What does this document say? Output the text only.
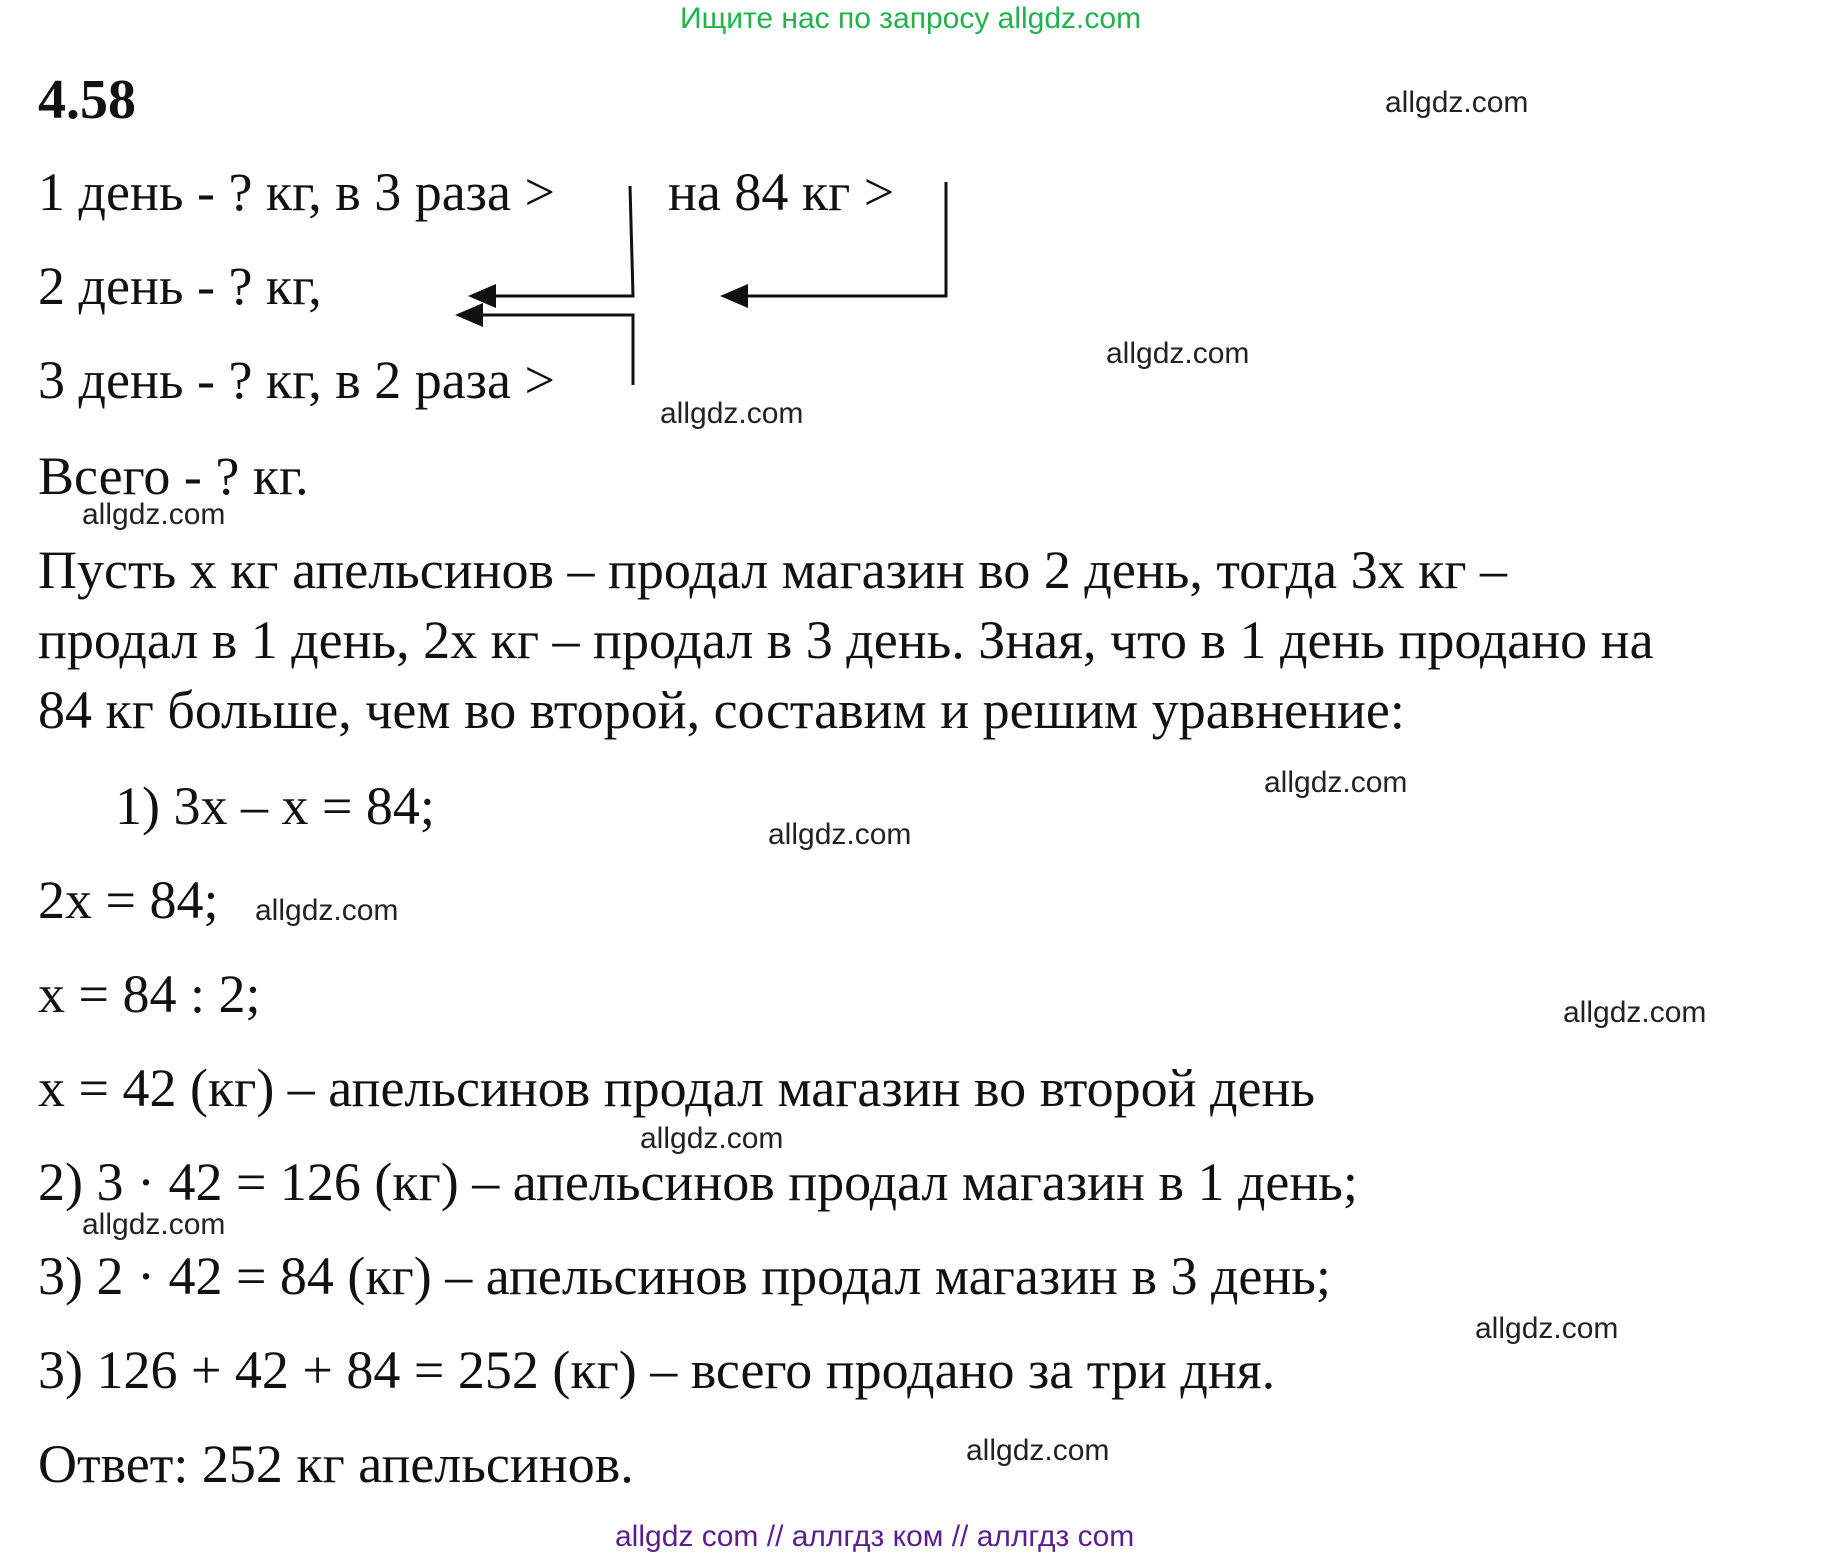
Ищите нас по запросу allgdz.com
4.58
1 день - ? кг, в 3 раза > на 84 кг >
2 день - ? кг,
3 день - ? кг, в 2 раза >
Всего - ? кг.
Пусть х кг апельсинов – продал магазин во 2 день, тогда 3х кг –
продал в 1 день, 2х кг – продал в 3 день. Зная, что в 1 день продано на
84 кг больше, чем во второй, составим и решим уравнение:
1) 3х – х = 84;
2х = 84;
х = 84 : 2;
х = 42 (кг) – апельсинов продал магазин во второй день
2) 3 · 42 = 126 (кг) – апельсинов продал магазин в 1 день;
3) 2 · 42 = 84 (кг) – апельсинов продал магазин в 3 день;
3) 126 + 42 + 84 = 252 (кг) – всего продано за три дня.
Ответ: 252 кг апельсинов.
allgdz.com
allgdz.com
allgdz.com
allgdz.com
allgdz.com
allgdz.com
allgdz.com
allgdz.com
allgdz.com
allgdz.com
allgdz.com
allgdz.com
allgdz com // аллгдз ком // аллгдз com
